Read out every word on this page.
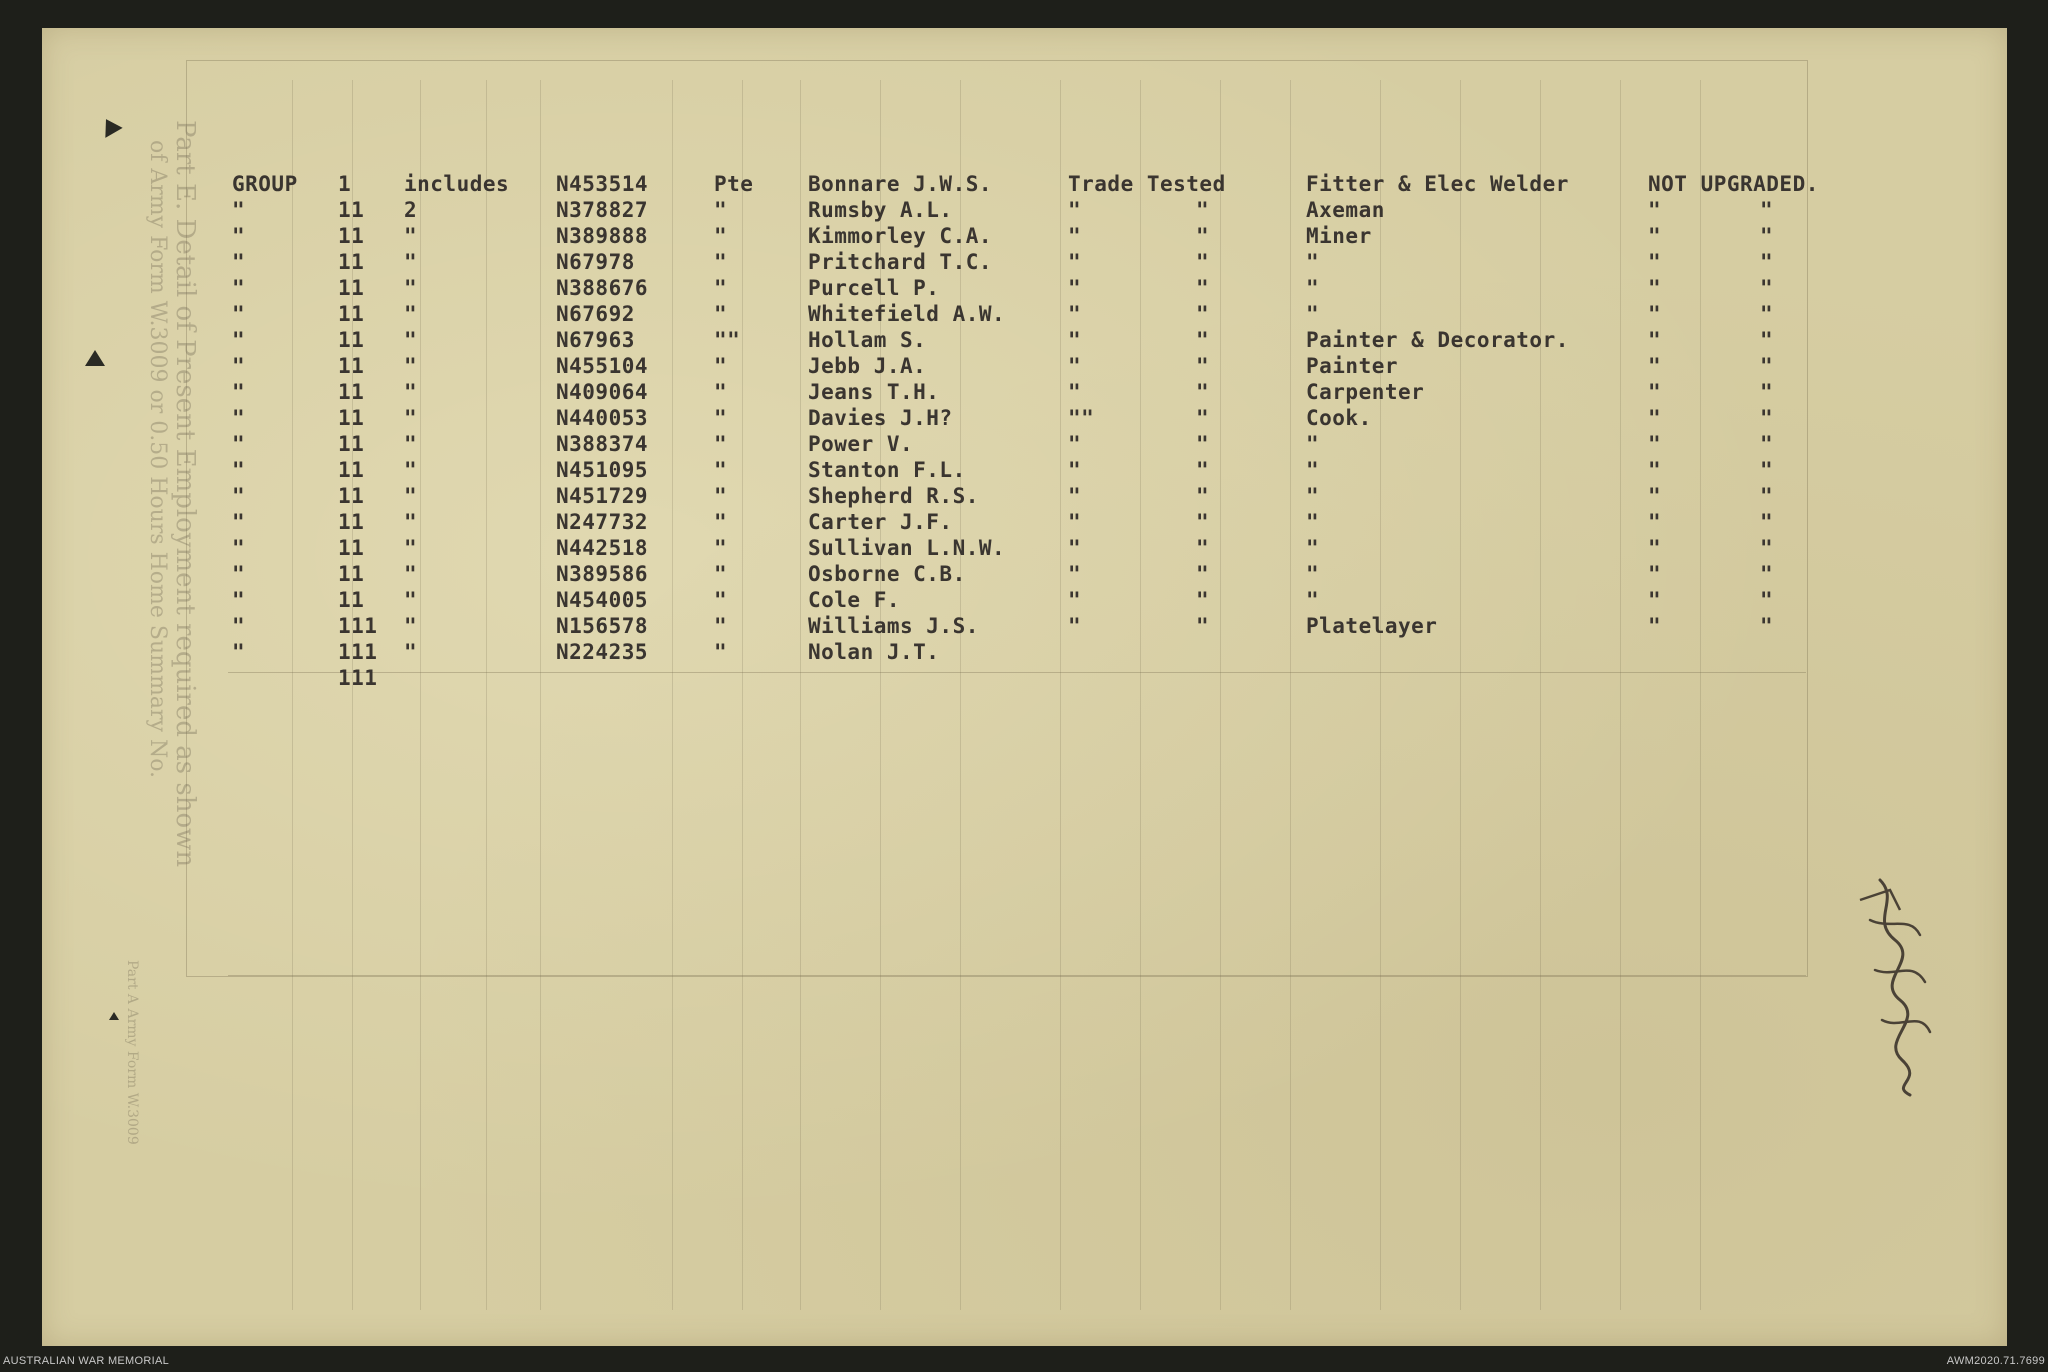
Part E. Detail of Present Employment required as shown
of Army Form W.3009 or 0.50 Hours Home Summary No.
Part A Army Form W.3009
GROUP 1	includes N453514	Pte	Bonnare J.W.S.	Trade Tested	Fitter & Elec Welder	NOT UPGRADED.
"	11 2	N378827	"	Rumsby A.L.	"	"	Axeman	"	"
"	11 "	N389888	"	Kimmorley C.A.	"	"	Miner	"	"
"	11 "	N67978	"	Pritchard T.C.	"	"	"	"	"
"	11 "	N388676	"	Purcell P.	"	"	"	"	"
"	11 "	N67692	"	Whitefield A.W.	"	"	"	"	"
"	11 "	N67963	""	Hollam S.	"	"	Painter & Decorator.	"	"
"	11 "	N455104	"	Jebb J.A.	"	"	Painter	"	"
"	11 "	N409064	"	Jeans T.H.	"	"	Carpenter	"	"
"	11 "	N440053	"	Davies J.H?	""	"	Cook.	"	"
"	11 "	N388374	"	Power V.	"	"	"	"	"
"	11 "	N451095	"	Stanton F.L.	"	"	"	"	"
"	11 "	N451729	"	Shepherd R.S.	"	"	"	"	"
"	11 "	N247732	"	Carter J.F.	"	"	"	"	"
"	11 "	N442518	"	Sullivan L.N.W.	"	"	"	"	"
"	11 "	N389586	"	Osborne C.B.	"	"	"	"	"
"	11 "	N454005	"	Cole F.	"	"	"	"	"
"	111 "	N156578	"	Williams J.S.	"	"	Platelayer	"	"
"	111 "	N224235	"	Nolan J.T.
111
AUSTRALIAN WAR MEMORIAL	AWM2020.71.7699
